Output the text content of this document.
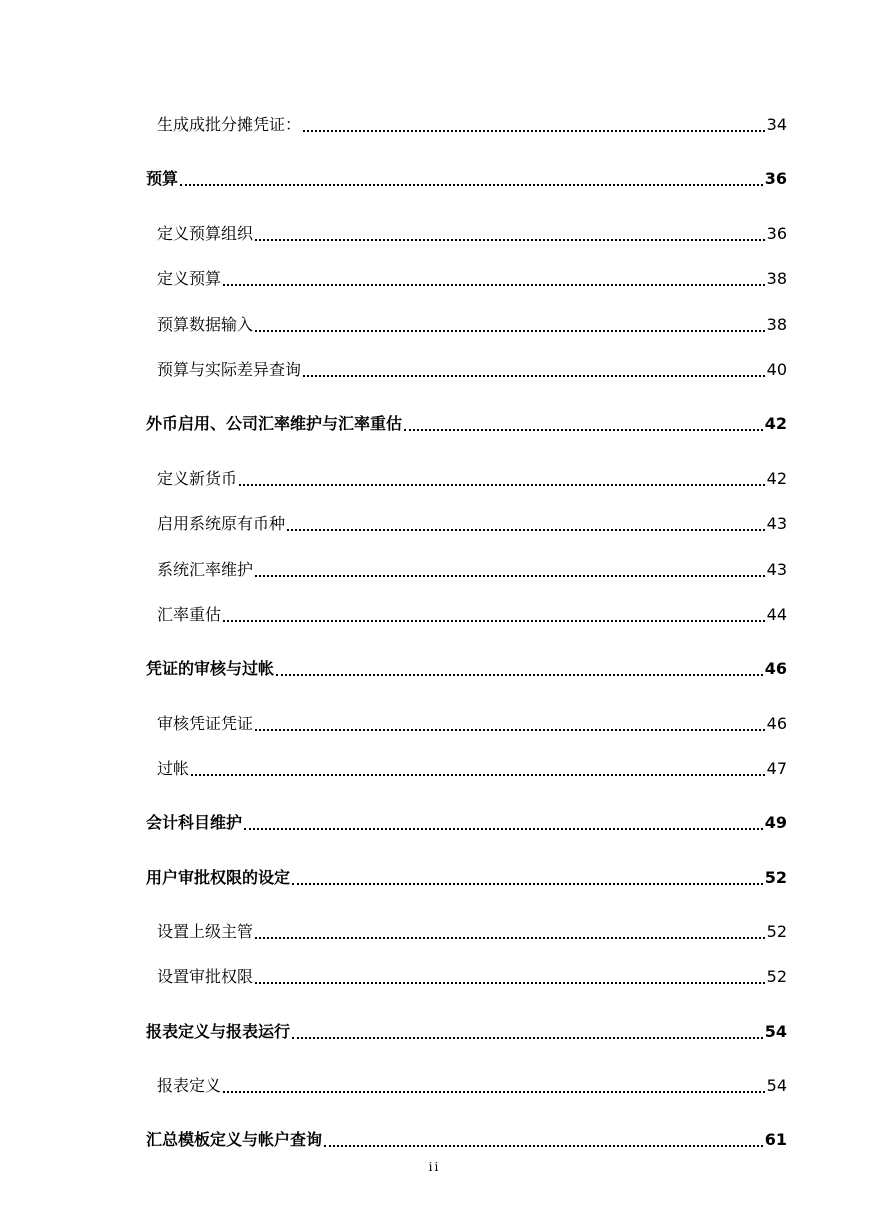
生成成批分摊凭证：	34
预算	36
定义预算组织	36
定义预算	38
预算数据输入	38
预算与实际差异查询	40
外币启用、公司汇率维护与汇率重估	42
定义新货币	42
启用系统原有币种	43
系统汇率维护	43
汇率重估	44
凭证的审核与过帐	46
审核凭证凭证	46
过帐	47
会计科目维护	49
用户审批权限的设定	52
设置上级主管	52
设置审批权限	52
报表定义与报表运行	54
报表定义	54
汇总模板定义与帐户查询	61
ii
